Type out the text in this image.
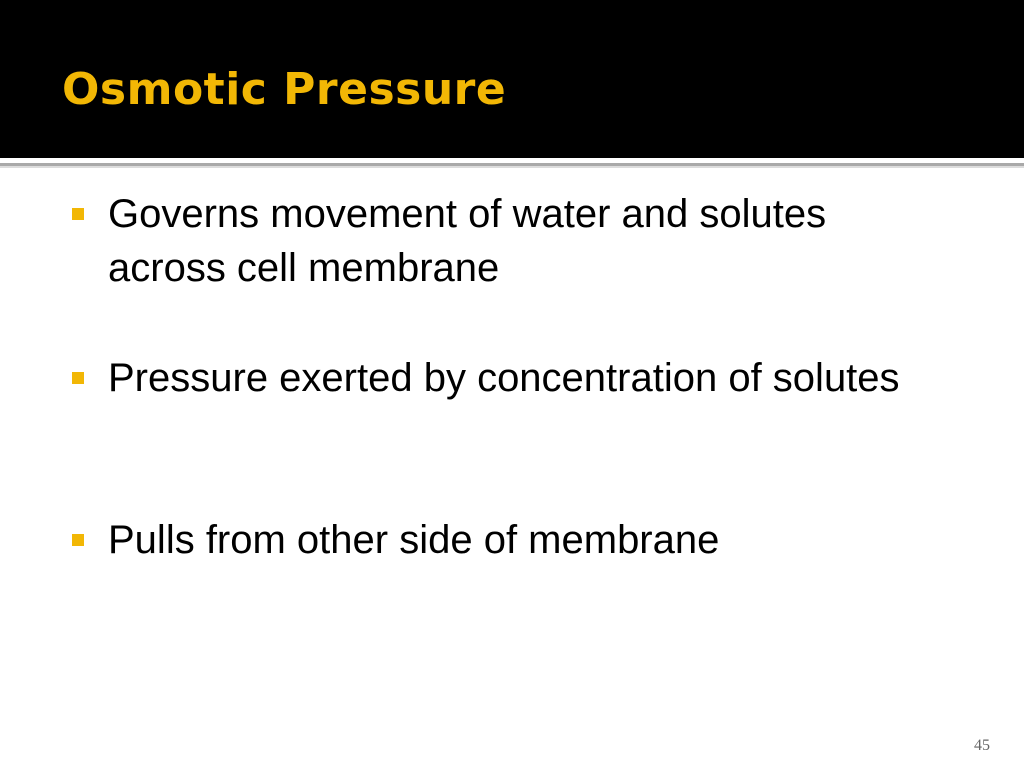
Osmotic Pressure
Governs movement of water and solutes across cell membrane
Pressure exerted by concentration of solutes
Pulls from other side of membrane
45
